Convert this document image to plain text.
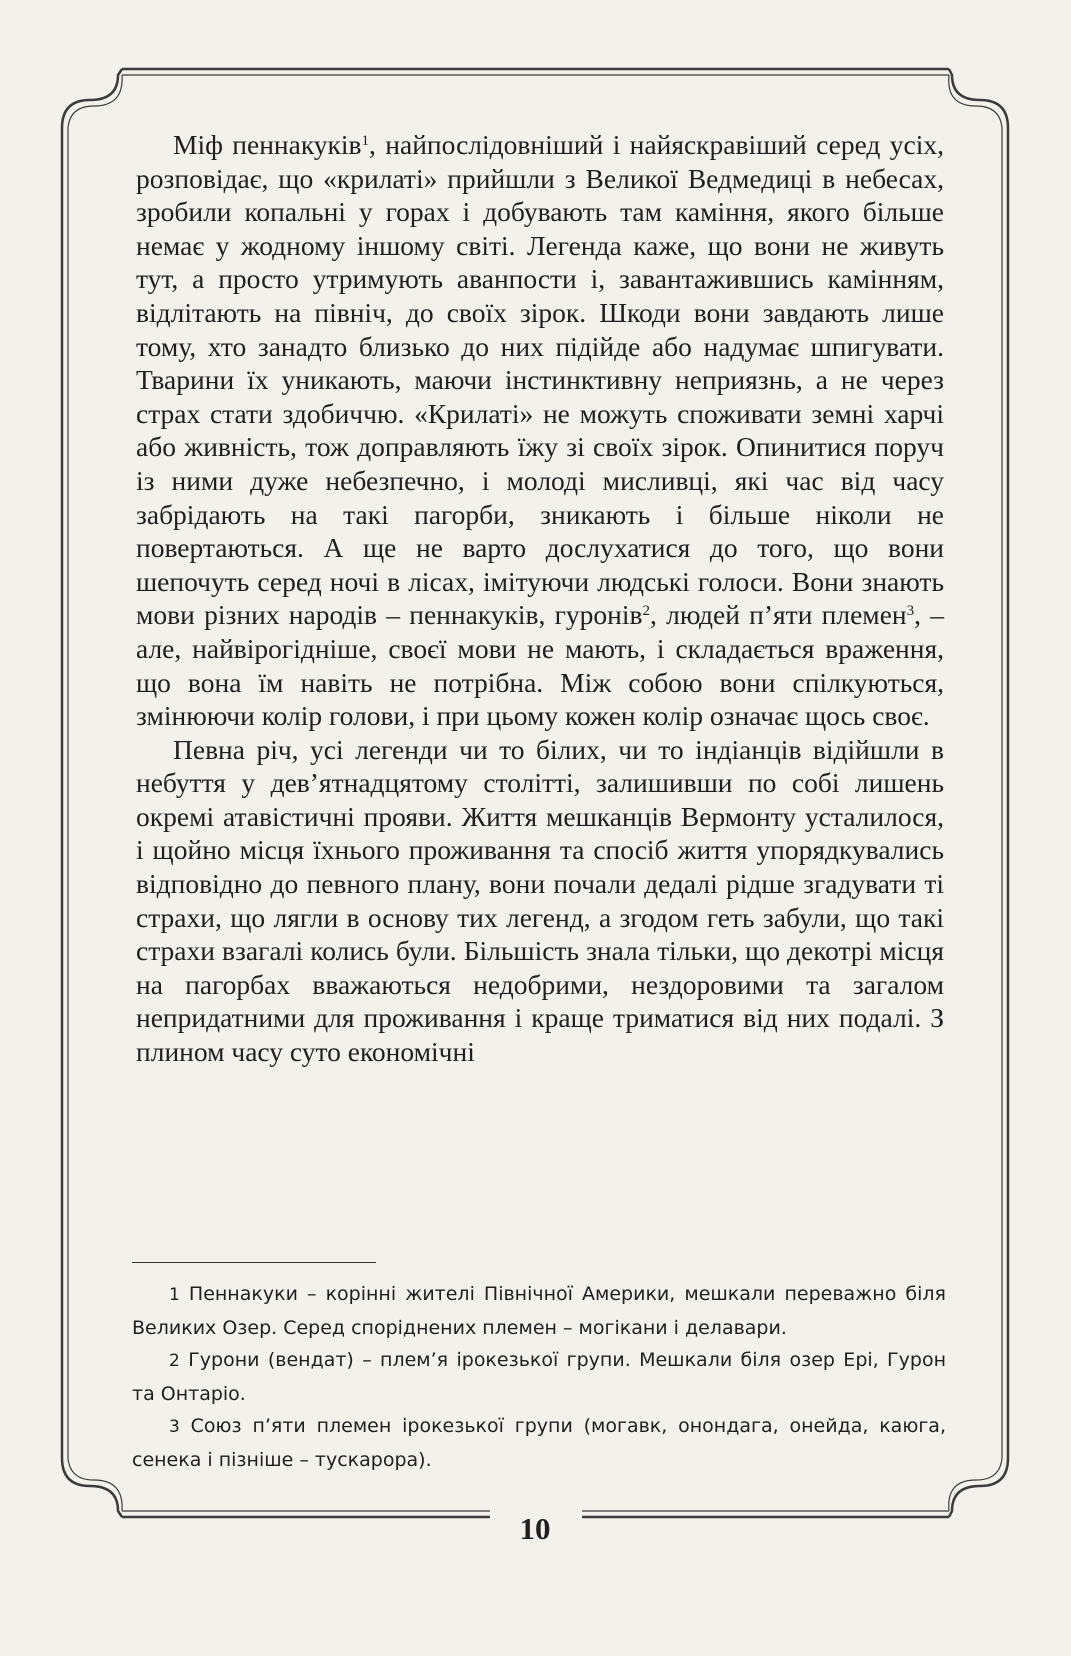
Міф пеннакуків$^1$, найпослідовніший і найяскравіший серед усіх, розповідає, що «крилаті» прийшли з Великої Ведмедиці в небесах, зробили копальні у горах і добувають там каміння, якого більше немає у жодному іншому світі. Легенда каже, що вони не живуть тут, а просто утримують аванпости і, завантажившись камінням, відлітають на північ, до своїх зірок. Шкоди вони завдають лише тому, хто занадто близько до них підійде або надумає шпигувати. Тварини їх уникають, маючи інстинктивну неприязнь, а не через страх стати здобиччю. «Крилаті» не можуть споживати земні харчі або живність, тож доправляють їжу зі своїх зірок. Опинитися поруч із ними дуже небезпечно, і молоді мисливці, які час від часу забрідають на такі пагорби, зникають і більше ніколи не повертаються. А ще не варто дослухатися до того, що вони шепочуть серед ночі в лісах, імітуючи людські голоси. Вони знають мови різних народів – пеннакуків, гуронів$^2$, людей п’яти племен$^3$, – але, найвірогідніше, своєї мови не мають, і складається враження, що вона їм навіть не потрібна. Між собою вони спілкуються, змінюючи колір голови, і при цьому кожен колір означає щось своє.

Певна річ, усі легенди чи то білих, чи то індіанців відійшли в небуття у дев’ятнадцятому столітті, залишивши по собі лишень окремі атавістичні прояви. Життя мешканців Вермонту усталилося, і щойно місця їхнього проживання та спосіб життя упорядкувались відповідно до певного плану, вони почали дедалі рідше згадувати ті страхи, що лягли в основу тих легенд, а згодом геть забули, що такі страхи взагалі колись були. Більшість знала тільки, що декотрі місця на пагорбах вважаються недобрими, нездоровими та загалом непридатними для проживання і краще триматися від них подалі. З плином часу суто економічні

1 Пеннакуки – корінні жителі Північної Америки, мешкали переважно біля Великих Озер. Серед споріднених племен – могікани і делавари.

2 Гурони (вендат) – плем’я ірокезької групи. Мешкали біля озер Ері, Гурон та Онтаріо.

3 Союз п’яти племен ірокезької групи (могавк, онондага, онейда, каюга, сенека і пізніше – тускарора).

10
